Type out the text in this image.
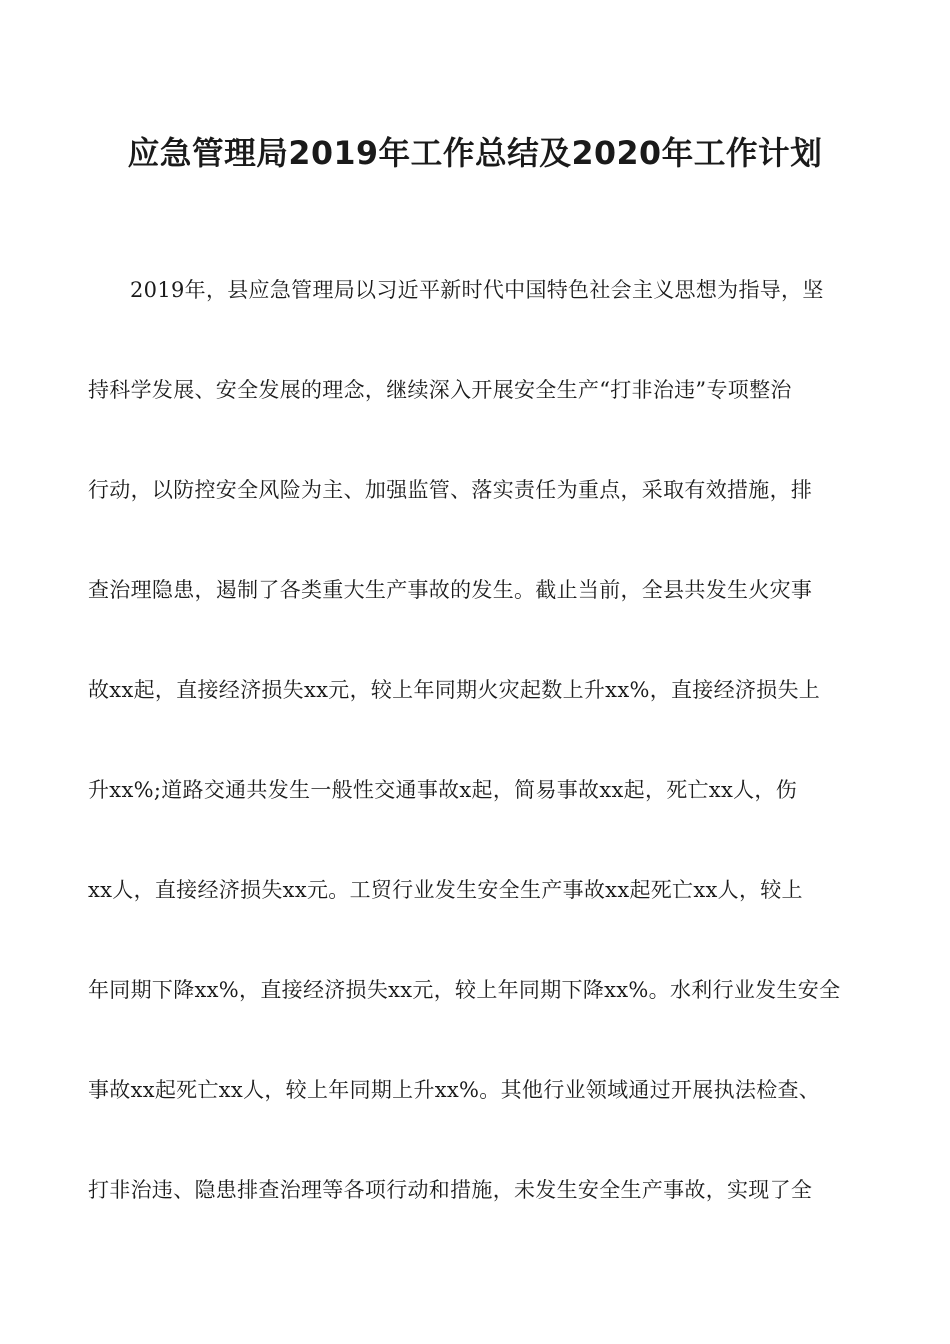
应急管理局2019年工作总结及2020年工作计划
2019年，县应急管理局以习近平新时代中国特色社会主义思想为指导，坚
持科学发展、安全发展的理念，继续深入开展安全生产“打非治违”专项整治
行动，以防控安全风险为主、加强监管、落实责任为重点，采取有效措施，排
查治理隐患，遏制了各类重大生产事故的发生。截止当前，全县共发生火灾事
故xx起，直接经济损失xx元，较上年同期火灾起数上升xx%，直接经济损失上
升xx%;道路交通共发生一般性交通事故x起，简易事故xx起，死亡xx人，伤
xx人，直接经济损失xx元。工贸行业发生安全生产事故xx起死亡xx人，较上
年同期下降xx%，直接经济损失xx元，较上年同期下降xx%。水利行业发生安全
事故xx起死亡xx人，较上年同期上升xx%。其他行业领域通过开展执法检查、
打非治违、隐患排查治理等各项行动和措施，未发生安全生产事故，实现了全
